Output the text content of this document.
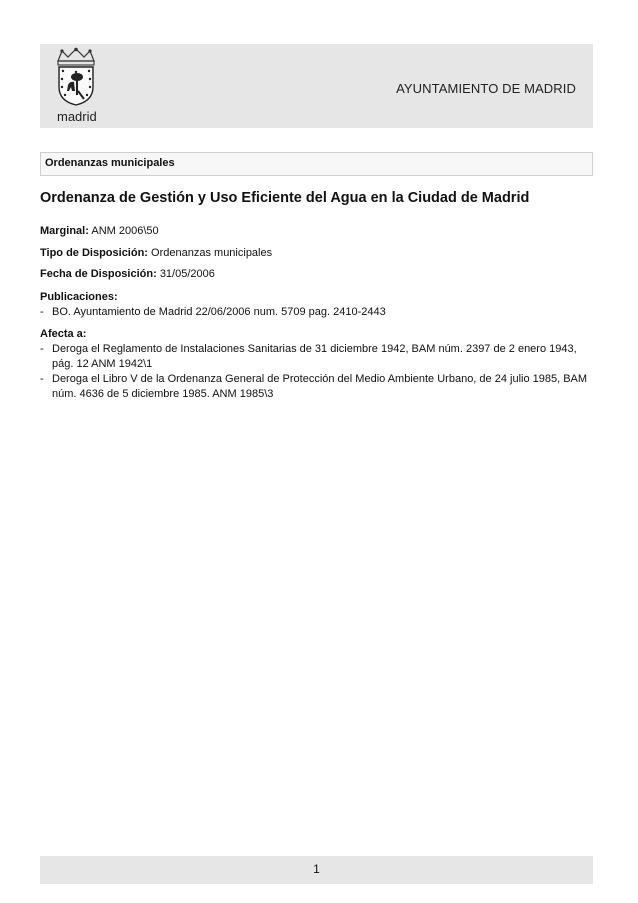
madrid
AYUNTAMIENTO DE MADRID
Ordenanzas municipales
Ordenanza de Gestión y Uso Eficiente del Agua en la Ciudad de Madrid
Marginal: ANM 2006\50
Tipo de Disposición: Ordenanzas municipales
Fecha de Disposición: 31/05/2006
Publicaciones:
- BO. Ayuntamiento de Madrid 22/06/2006 num. 5709 pag. 2410-2443
Afecta a:
- Deroga el Reglamento de Instalaciones Sanitarias de 31 diciembre 1942, BAM núm. 2397 de 2 enero 1943, pág. 12 ANM 1942\1
- Deroga el Libro V de la Ordenanza General de Protección del Medio Ambiente Urbano, de 24 julio 1985, BAM núm. 4636 de 5 diciembre 1985. ANM 1985\3
1
